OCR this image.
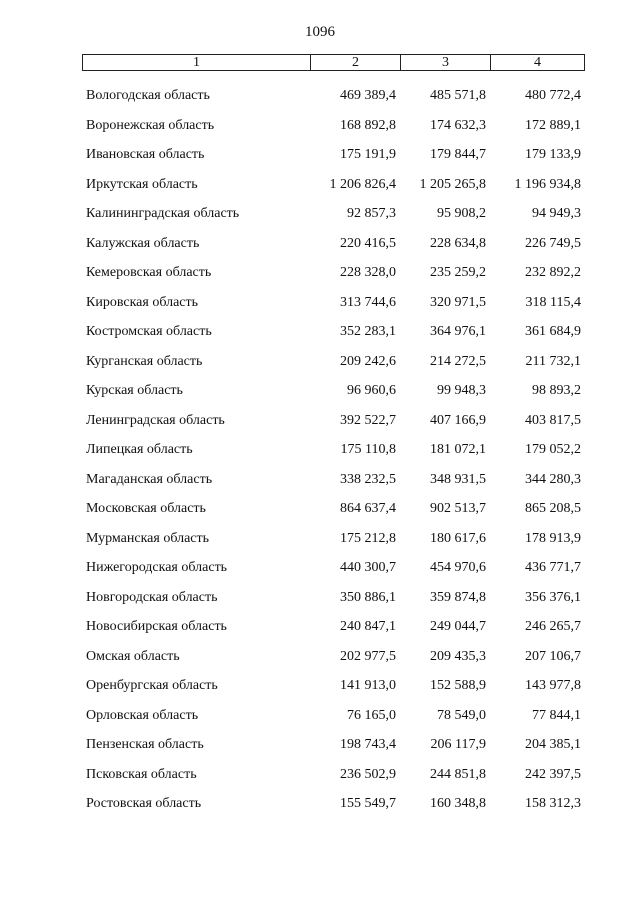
1096
1	2	3	4
Вологодская область	469 389,4	485 571,8	480 772,4
Воронежская область	168 892,8	174 632,3	172 889,1
Ивановская область	175 191,9	179 844,7	179 133,9
Иркутская область	1 206 826,4	1 205 265,8	1 196 934,8
Калининградская область	92 857,3	95 908,2	94 949,3
Калужская область	220 416,5	228 634,8	226 749,5
Кемеровская область	228 328,0	235 259,2	232 892,2
Кировская область	313 744,6	320 971,5	318 115,4
Костромская область	352 283,1	364 976,1	361 684,9
Курганская область	209 242,6	214 272,5	211 732,1
Курская область	96 960,6	99 948,3	98 893,2
Ленинградская область	392 522,7	407 166,9	403 817,5
Липецкая область	175 110,8	181 072,1	179 052,2
Магаданская область	338 232,5	348 931,5	344 280,3
Московская область	864 637,4	902 513,7	865 208,5
Мурманская область	175 212,8	180 617,6	178 913,9
Нижегородская область	440 300,7	454 970,6	436 771,7
Новгородская область	350 886,1	359 874,8	356 376,1
Новосибирская область	240 847,1	249 044,7	246 265,7
Омская область	202 977,5	209 435,3	207 106,7
Оренбургская область	141 913,0	152 588,9	143 977,8
Орловская область	76 165,0	78 549,0	77 844,1
Пензенская область	198 743,4	206 117,9	204 385,1
Псковская область	236 502,9	244 851,8	242 397,5
Ростовская область	155 549,7	160 348,8	158 312,3
